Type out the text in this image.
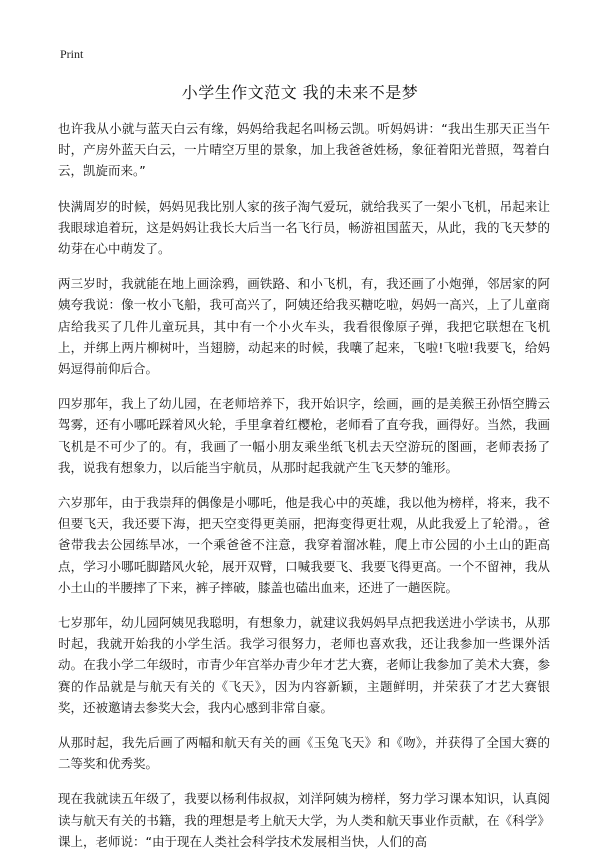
Print
小学生作文范文 我的未来不是梦

也许我从小就与蓝天白云有缘，妈妈给我起名叫杨云凯。听妈妈讲：“我出生那天正当午时，产房外蓝天白云，一片晴空万里的景象，加上我爸爸姓杨，象征着阳光普照，驾着白云，凯旋而来。”

快满周岁的时候，妈妈见我比别人家的孩子淘气爱玩，就给我买了一架小飞机，吊起来让我眼球追着玩，这是妈妈让我长大后当一名飞行员，畅游祖国蓝天，从此，我的飞天梦的幼芽在心中萌发了。

两三岁时，我就能在地上画涂鸦，画铁路、和小飞机，有，我还画了小炮弹，邻居家的阿姨夸我说：像一枚小飞船，我可高兴了，阿姨还给我买糖吃啦，妈妈一高兴，上了儿童商店给我买了几件儿童玩具，其中有一个小火车头，我看很像原子弹，我把它联想在飞机上，并绑上两片柳树叶，当翅膀，动起来的时候，我嚷了起来，飞啦!飞啦!我要飞，给妈妈逗得前仰后合。

四岁那年，我上了幼儿园，在老师培养下，我开始识字，绘画，画的是美猴王孙悟空腾云驾雾，还有小哪吒踩着风火轮，手里拿着红樱枪，老师看了直夸我，画得好。当然，我画飞机是不可少了的。有，我画了一幅小朋友乘坐纸飞机去天空游玩的图画，老师表扬了我，说我有想象力，以后能当宇航员，从那时起我就产生飞天梦的雏形。

六岁那年，由于我崇拜的偶像是小哪吒，他是我心中的英雄，我以他为榜样，将来，我不但要飞天，我还要下海，把天空变得更美丽，把海变得更壮观，从此我爱上了轮滑。，爸爸带我去公园练旱冰，一个乘爸爸不注意，我穿着溜冰鞋，爬上市公园的小土山的距高点，学习小哪吒脚踏风火轮，展开双臂，口喊我要飞、我要飞得更高。一个不留神，我从小土山的半腰摔了下来，裤子摔破，膝盖也磕出血来，还进了一趟医院。

七岁那年，幼儿园阿姨见我聪明，有想象力，就建议我妈妈早点把我送进小学读书，从那时起，我就开始我的小学生活。我学习很努力，老师也喜欢我，还让我参加一些课外活动。在我小学二年级时，市青少年宫举办青少年才艺大赛，老师让我参加了美术大赛，参赛的作品就是与航天有关的《飞天》，因为内容新颖，主题鲜明，并荣获了才艺大赛银奖，还被邀请去参奖大会，我内心感到非常自豪。

从那时起，我先后画了两幅和航天有关的画《玉兔飞天》和《吻》，并获得了全国大赛的二等奖和优秀奖。

现在我就读五年级了，我要以杨利伟叔叔，刘洋阿姨为榜样，努力学习课本知识，认真阅读与航天有关的书籍，我的理想是考上航天大学，为人类和航天事业作贡献，在《科学》课上，老师说：“由于现在人类社会科学技术发展相当快，人们的高
